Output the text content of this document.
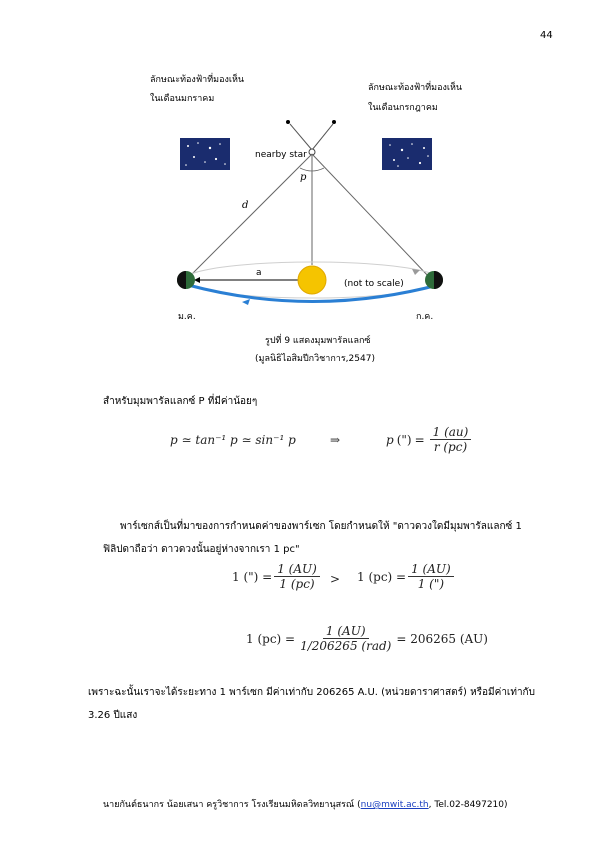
44
ลักษณะท้องฟ้าที่มองเห็น
ในเดือนมกราคม
ลักษณะท้องฟ้าที่มองเห็น
ในเดือนกรกฎาคม
nearby star
p
d
a
(not to scale)
ม.ค.	ก.ค.
รูปที่ 9 แสดงมุมพารัลแลกซ์
(มูลนิธิไอสิมปีกวิชาการ,2547)
สำหรับมุมพารัลแลกซ์ P ที่มีค่าน้อยๆ
p ≃ tan⁻¹ p ≃ sin⁻¹ p	⇒	p (") = $\frac{1 (au)}{r (pc)}$
พาร์เซกส์เป็นที่มาของการกำหนดค่าของพาร์เซก โดยกำหนดให้ "ดาวดวงใดมีมุมพารัลแลกซ์ 1
ฟิลิปดาถือว่า ดาวดวงนั้นอยู่ห่างจากเรา 1 pc"
1 (") = $\frac{1 (AU)}{1 (pc)} > 1$ $(pc) = \frac{1 (AU)}{1 (")}$
1 $(pc) = \frac{1 (AU)}{\text{1/206265 (rad)}} = 206265$ (AU)
เพราะฉะนั้นเราจะได้ระยะทาง 1 พาร์เซก มีค่าเท่ากับ 206265 A.U. (หน่วยดาราศาสตร์) หรือมีค่าเท่ากับ
3.26 ปีแสง
นายกันต์ธนากร น้อยเสนา ครูวิชาการ โรงเรียนมหิดลวิทยานุสรณ์ (nu@mwit.ac.th, Tel.02-8497210)
